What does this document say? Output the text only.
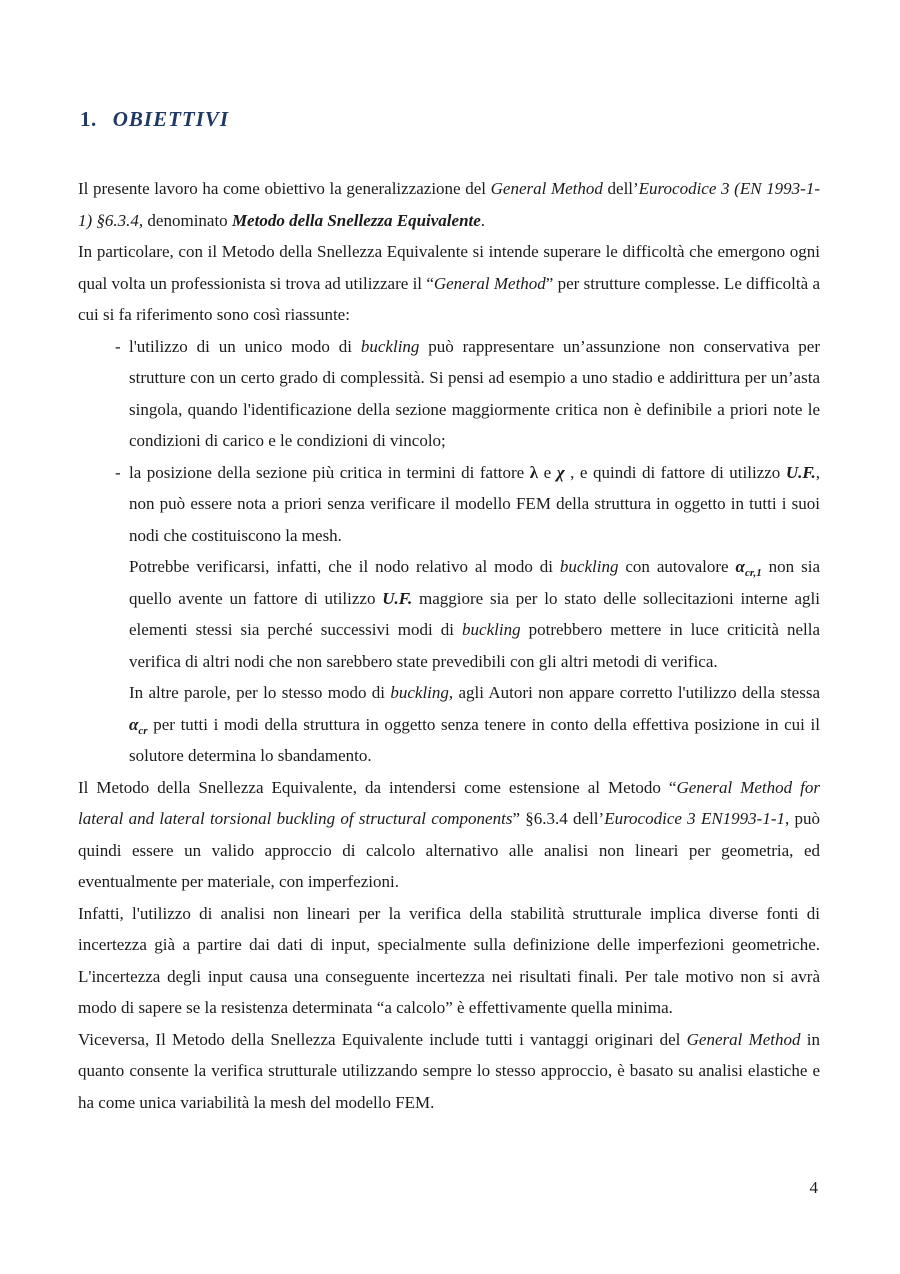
1. OBIETTIVI

Il presente lavoro ha come obiettivo la generalizzazione del General Method dell’Eurocodice 3 (EN 1993-1-1) §6.3.4, denominato Metodo della Snellezza Equivalente.

In particolare, con il Metodo della Snellezza Equivalente si intende superare le difficoltà che emergono ogni qual volta un professionista si trova ad utilizzare il “General Method” per strutture complesse. Le difficoltà a cui si fa riferimento sono così riassunte:

- l'utilizzo di un unico modo di buckling può rappresentare un’assunzione non conservativa per strutture con un certo grado di complessità. Si pensi ad esempio a uno stadio e addirittura per un’asta singola, quando l'identificazione della sezione maggiormente critica non è definibile a priori note le condizioni di carico e le condizioni di vincolo;

- la posizione della sezione più critica in termini di fattore λ e χ , e quindi di fattore di utilizzo U.F., non può essere nota a priori senza verificare il modello FEM della struttura in oggetto in tutti i suoi nodi che costituiscono la mesh.

Potrebbe verificarsi, infatti, che il nodo relativo al modo di buckling con autovalore $\alpha_{cr,1}$ non sia quello avente un fattore di utilizzo U.F. maggiore sia per lo stato delle sollecitazioni interne agli elementi stessi sia perché successivi modi di buckling potrebbero mettere in luce criticità nella verifica di altri nodi che non sarebbero state prevedibili con gli altri metodi di verifica.

In altre parole, per lo stesso modo di buckling, agli Autori non appare corretto l'utilizzo della stessa $\alpha_{cr}$ per tutti i modi della struttura in oggetto senza tenere in conto della effettiva posizione in cui il solutore determina lo sbandamento.

Il Metodo della Snellezza Equivalente, da intendersi come estensione al Metodo “General Method for lateral and lateral torsional buckling of structural components” §6.3.4 dell’Eurocodice 3 EN1993-1-1, può quindi essere un valido approccio di calcolo alternativo alle analisi non lineari per geometria, ed eventualmente per materiale, con imperfezioni.

Infatti, l'utilizzo di analisi non lineari per la verifica della stabilità strutturale implica diverse fonti di incertezza già a partire dai dati di input, specialmente sulla definizione delle imperfezioni geometriche. L'incertezza degli input causa una conseguente incertezza nei risultati finali. Per tale motivo non si avrà modo di sapere se la resistenza determinata “a calcolo” è effettivamente quella minima.

Viceversa, Il Metodo della Snellezza Equivalente include tutti i vantaggi originari del General Method in quanto consente la verifica strutturale utilizzando sempre lo stesso approccio, è basato su analisi elastiche e ha come unica variabilità la mesh del modello FEM.

4
